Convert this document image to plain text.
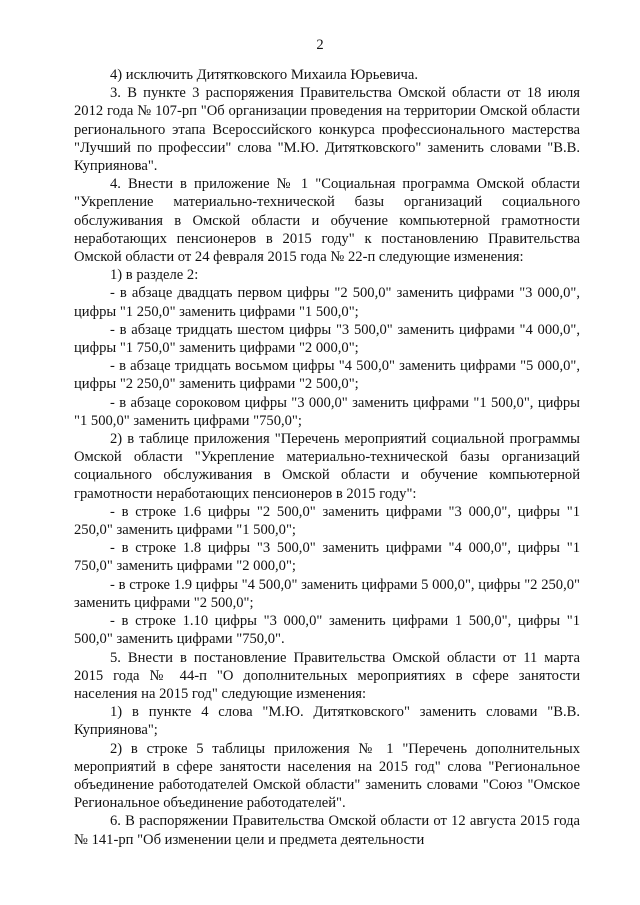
2

4) исключить Дитятковского Михаила Юрьевича.

3. В пункте 3 распоряжения Правительства Омской области от 18 июля 2012 года № 107-рп "Об организации проведения на территории Омской области регионального этапа Всероссийского конкурса профессионального мастерства "Лучший по профессии" слова "М.Ю. Дитятковского" заменить словами "В.В. Куприянова".

4. Внести в приложение № 1 "Социальная программа Омской области "Укрепление материально-технической базы организаций социального обслуживания в Омской области и обучение компьютерной грамотности неработающих пенсионеров в 2015 году" к постановлению Правительства Омской области от 24 февраля 2015 года № 22-п следующие изменения:

1) в разделе 2:

- в абзаце двадцать первом цифры "2 500,0" заменить цифрами "3 000,0", цифры "1 250,0" заменить цифрами "1 500,0";

- в абзаце тридцать шестом цифры "3 500,0" заменить цифрами "4 000,0", цифры "1 750,0" заменить цифрами "2 000,0";

- в абзаце тридцать восьмом цифры "4 500,0" заменить цифрами "5 000,0", цифры "2 250,0" заменить цифрами "2 500,0";

- в абзаце сороковом цифры "3 000,0" заменить цифрами "1 500,0", цифры "1 500,0" заменить цифрами "750,0";

2) в таблице приложения "Перечень мероприятий социальной программы Омской области "Укрепление материально-технической базы организаций социального обслуживания в Омской области и обучение компьютерной грамотности неработающих пенсионеров в 2015 году":

- в строке 1.6 цифры "2 500,0" заменить цифрами "3 000,0", цифры "1 250,0" заменить цифрами "1 500,0";

- в строке 1.8 цифры "3 500,0" заменить цифрами "4 000,0", цифры "1 750,0" заменить цифрами "2 000,0";

- в строке 1.9 цифры "4 500,0" заменить цифрами 5 000,0", цифры "2 250,0" заменить цифрами "2 500,0";

- в строке 1.10 цифры "3 000,0" заменить цифрами 1 500,0", цифры "1 500,0" заменить цифрами "750,0".

5. Внести в постановление Правительства Омской области от 11 марта 2015 года № 44-п "О дополнительных мероприятиях в сфере занятости населения на 2015 год" следующие изменения:

1) в пункте 4 слова "М.Ю. Дитятковского" заменить словами "В.В. Куприянова";

2) в строке 5 таблицы приложения № 1 "Перечень дополнительных мероприятий в сфере занятости населения на 2015 год" слова "Региональное объединение работодателей Омской области" заменить словами "Союз "Омское Региональное объединение работодателей".

6. В распоряжении Правительства Омской области от 12 августа 2015 года № 141-рп "Об изменении цели и предмета деятельности
